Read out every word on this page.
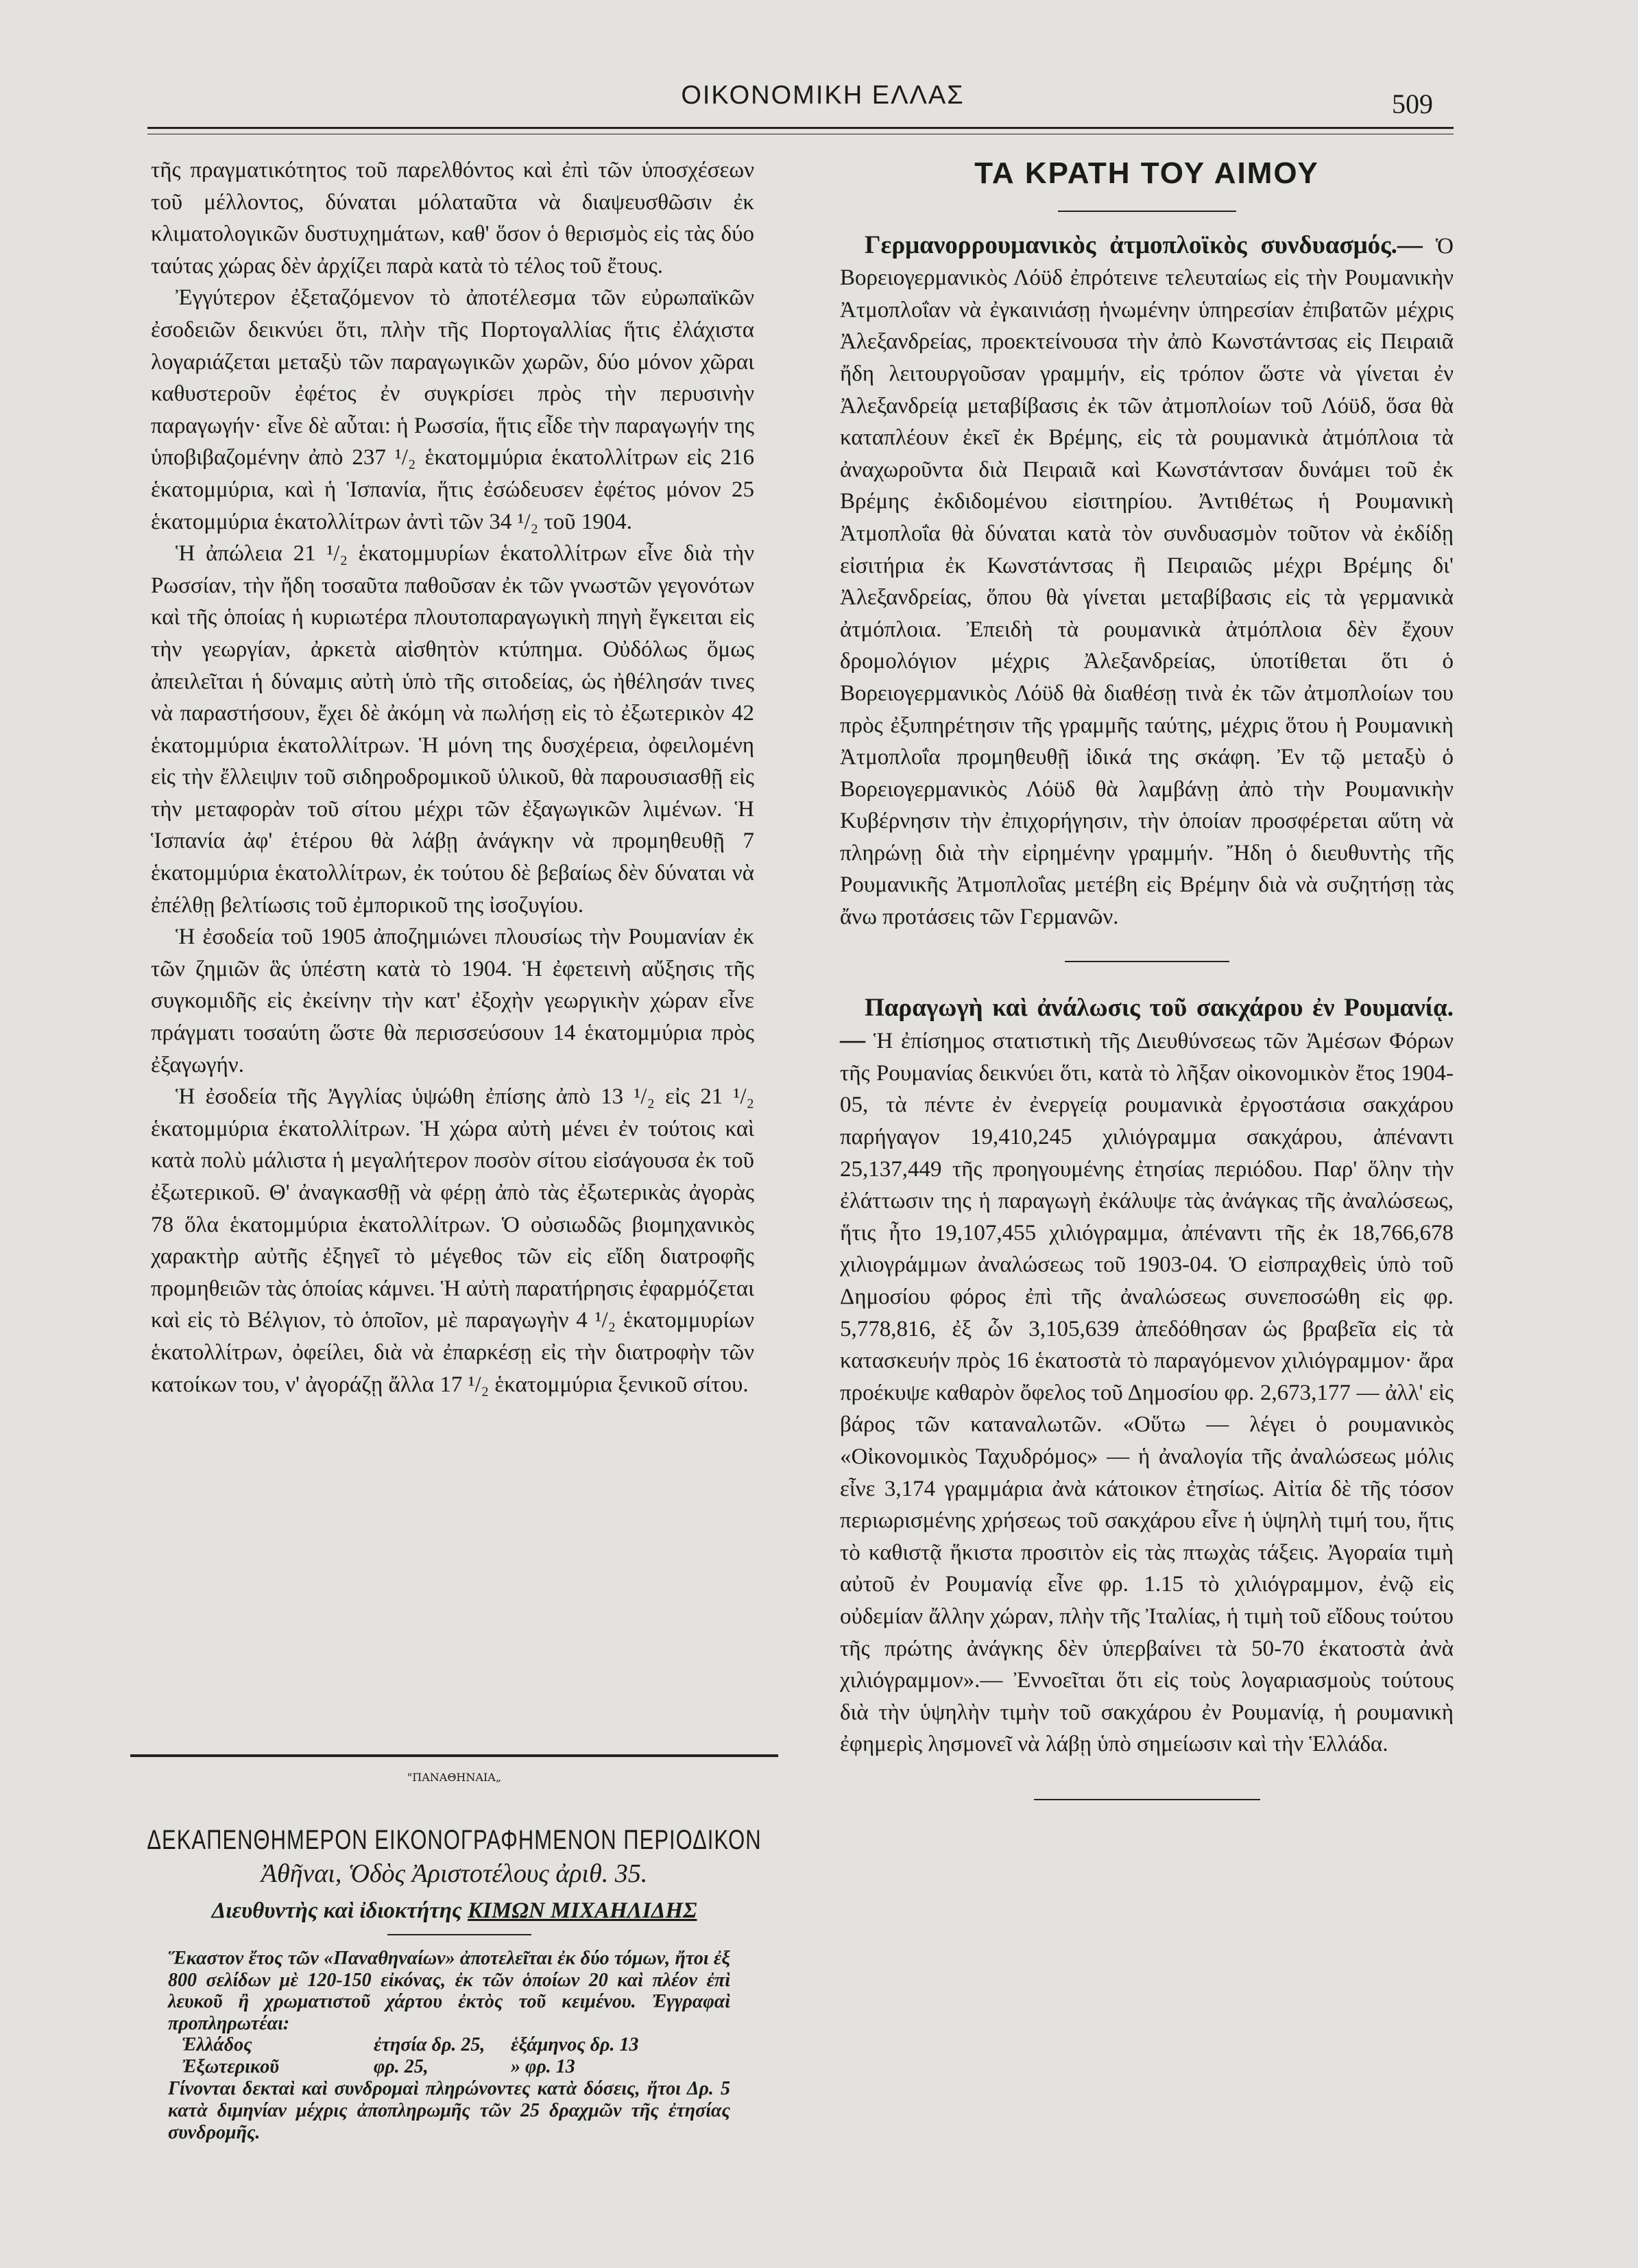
ΟΙΚΟΝΟΜΙΚΗ ΕΛΛΑΣ	509

τῆς πραγματικότητος τοῦ παρελθόντος καὶ ἐπὶ τῶν ὑποσχέσεων τοῦ μέλλοντος, δύναται μόλαταῦτα νὰ διαψευσθῶσιν ἐκ κλιματολογικῶν δυστυχημάτων, καθ' ὅσον ὁ θερισμὸς εἰς τὰς δύο ταύτας χώρας δὲν ἀρχίζει παρὰ κατὰ τὸ τέλος τοῦ ἔτους.

Ἐγγύτερον ἐξεταζόμενον τὸ ἀποτέλεσμα τῶν εὐρωπαϊκῶν ἐσοδειῶν δεικνύει ὅτι, πλὴν τῆς Πορτογαλλίας ἥτις ἐλάχιστα λογαριάζεται μεταξὺ τῶν παραγωγικῶν χωρῶν, δύο μόνον χῶραι καθυστεροῦν ἐφέτος ἐν συγκρίσει πρὸς τὴν περυσινὴν παραγωγήν· εἶνε δὲ αὗται: ἡ Ρωσσία, ἥτις εἶδε τὴν παραγωγήν της ὑποβιβαζομένην ἀπὸ 237 ¹/₂ ἑκατομμύρια ἑκατολλίτρων εἰς 216 ἑκατομμύρια, καὶ ἡ Ἱσπανία, ἥτις ἐσώδευσεν ἐφέτος μόνον 25 ἑκατομμύρια ἑκατολλίτρων ἀντὶ τῶν 34 ¹/₂ τοῦ 1904.

Ἡ ἀπώλεια 21 ¹/₂ ἑκατομμυρίων ἑκατολλίτρων εἶνε διὰ τὴν Ρωσσίαν, τὴν ἤδη τοσαῦτα παθοῦσαν ἐκ τῶν γνωστῶν γεγονότων καὶ τῆς ὁποίας ἡ κυριωτέρα πλουτοπαραγωγικὴ πηγὴ ἔγκειται εἰς τὴν γεωργίαν, ἀρκετὰ αἰσθητὸν κτύπημα. Οὐδόλως ὅμως ἀπειλεῖται ἡ δύναμις αὐτὴ ὑπὸ τῆς σιτοδείας, ὡς ἠθέλησάν τινες νὰ παραστήσουν, ἔχει δὲ ἀκόμη νὰ πωλήσῃ εἰς τὸ ἐξωτερικὸν 42 ἑκατομμύρια ἑκατολλίτρων. Ἡ μόνη της δυσχέρεια, ὀφειλομένη εἰς τὴν ἔλλειψιν τοῦ σιδηροδρομικοῦ ὑλικοῦ, θὰ παρουσιασθῇ εἰς τὴν μεταφορὰν τοῦ σίτου μέχρι τῶν ἐξαγωγικῶν λιμένων. Ἡ Ἱσπανία ἀφ' ἑτέρου θὰ λάβῃ ἀνάγκην νὰ προμηθευθῇ 7 ἑκατομμύρια ἑκατολλίτρων, ἐκ τούτου δὲ βεβαίως δὲν δύναται νὰ ἐπέλθῃ βελτίωσις τοῦ ἐμπορικοῦ της ἰσοζυγίου.

Ἡ ἐσοδεία τοῦ 1905 ἀποζημιώνει πλουσίως τὴν Ρουμανίαν ἐκ τῶν ζημιῶν ἃς ὑπέστη κατὰ τὸ 1904. Ἡ ἐφετεινὴ αὔξησις τῆς συγκομιδῆς εἰς ἐκείνην τὴν κατ' ἐξοχὴν γεωργικὴν χώραν εἶνε πράγματι τοσαύτη ὥστε θὰ περισσεύσουν 14 ἑκατομμύρια πρὸς ἐξαγωγήν.

Ἡ ἐσοδεία τῆς Ἀγγλίας ὑψώθη ἐπίσης ἀπὸ 13 ¹/₂ εἰς 21 ¹/₂ ἑκατομμύρια ἑκατολλίτρων. Ἡ χώρα αὐτὴ μένει ἐν τούτοις καὶ κατὰ πολὺ μάλιστα ἡ μεγαλήτερον ποσὸν σίτου εἰσάγουσα ἐκ τοῦ ἐξωτερικοῦ. Θ' ἀναγκασθῇ νὰ φέρῃ ἀπὸ τὰς ἐξωτερικὰς ἀγορὰς 78 ὅλα ἑκατομμύρια ἑκατολλίτρων. Ὁ οὐσιωδῶς βιομηχανικὸς χαρακτὴρ αὐτῆς ἐξηγεῖ τὸ μέγεθος τῶν εἰς εἴδη διατροφῆς προμηθειῶν τὰς ὁποίας κάμνει. Ἡ αὐτὴ παρατήρησις ἐφαρμόζεται καὶ εἰς τὸ Βέλγιον, τὸ ὁποῖον, μὲ παραγωγὴν 4 ¹/₂ ἑκατομμυρίων ἑκατολλίτρων, ὀφείλει, διὰ νὰ ἐπαρκέσῃ εἰς τὴν διατροφὴν τῶν κατοίκων του, ν' ἀγοράζῃ ἄλλα 17 ¹/₂ ἑκατομμύρια ξενικοῦ σίτου.

"ΠΑΝΑΘΗΝΑΙΑ„
ΔΕΚΑΠΕΝΘΗΜΕΡΟΝ ΕΙΚΟΝΟΓΡΑΦΗΜΕΝΟΝ ΠΕΡΙΟΔΙΚΟΝ
Ἀθῆναι, Ὁδὸς Ἀριστοτέλους ἀριθ. 35.
Διευθυντὴς καὶ ἰδιοκτήτης ΚΙΜΩΝ ΜΙΧΑΗΛΙΔΗΣ

Ἕκαστον ἔτος τῶν «Παναθηναίων» ἀποτελεῖται ἐκ δύο τόμων, ἤτοι ἐξ 800 σελίδων μὲ 120-150 εἰκόνας, ἐκ τῶν ὁποίων 20 καὶ πλέον ἐπὶ λευκοῦ ἢ χρωματιστοῦ χάρτου ἐκτὸς τοῦ κειμένου. Ἐγγραφαὶ προπληρωτέαι:

Ἑλλάδος	ἐτησία δρ. 25, ἑξάμηνος δρ. 13
Ἐξωτερικοῦ	φρ. 25,	» φρ. 13

Γίνονται δεκταὶ καὶ συνδρομαὶ πληρώνοντες κατὰ δόσεις, ἤτοι Δρ. 5 κατὰ διμηνίαν μέχρις ἀποπληρωμῆς τῶν 25 δραχμῶν τῆς ἐτησίας συνδρομῆς.

ΤΑ ΚΡΑΤΗ ΤΟΥ ΑΙΜΟΥ

Γερμανορρουμανικὸς ἀτμοπλοϊκὸς συνδυασμός.— Ὁ Βορειογερμανικὸς Λόϋδ ἐπρότεινε τελευταίως εἰς τὴν Ρουμανικὴν Ἀτμοπλοΐαν νὰ ἐγκαινιάσῃ ἡνωμένην ὑπηρεσίαν ἐπιβατῶν μέχρις Ἀλεξανδρείας, προεκτείνουσα τὴν ἀπὸ Κωνστάντσας εἰς Πειραιᾶ ἤδη λειτουργοῦσαν γραμμήν, εἰς τρόπον ὥστε νὰ γίνεται ἐν Ἀλεξανδρείᾳ μεταβίβασις ἐκ τῶν ἀτμοπλοίων τοῦ Λόϋδ, ὅσα θὰ καταπλέουν ἐκεῖ ἐκ Βρέμης, εἰς τὰ ρουμανικὰ ἀτμόπλοια τὰ ἀναχωροῦντα διὰ Πειραιᾶ καὶ Κωνστάντσαν δυνάμει τοῦ ἐκ Βρέμης ἐκδιδομένου εἰσιτηρίου. Ἀντιθέτως ἡ Ρουμανικὴ Ἀτμοπλοΐα θὰ δύναται κατὰ τὸν συνδυασμὸν τοῦτον νὰ ἐκδίδῃ εἰσιτήρια ἐκ Κωνστάντσας ἢ Πειραιῶς μέχρι Βρέμης δι' Ἀλεξανδρείας, ὅπου θὰ γίνεται μεταβίβασις εἰς τὰ γερμανικὰ ἀτμόπλοια. Ἐπειδὴ τὰ ρουμανικὰ ἀτμόπλοια δὲν ἔχουν δρομολόγιον μέχρις Ἀλεξανδρείας, ὑποτίθεται ὅτι ὁ Βορειογερμανικὸς Λόϋδ θὰ διαθέσῃ τινὰ ἐκ τῶν ἀτμοπλοίων του πρὸς ἐξυπηρέτησιν τῆς γραμμῆς ταύτης, μέχρις ὅτου ἡ Ρουμανικὴ Ἀτμοπλοΐα προμηθευθῇ ἰδικά της σκάφη. Ἐν τῷ μεταξὺ ὁ Βορειογερμανικὸς Λόϋδ θὰ λαμβάνῃ ἀπὸ τὴν Ρουμανικὴν Κυβέρνησιν τὴν ἐπιχορήγησιν, τὴν ὁποίαν προσφέρεται αὕτη νὰ πληρώνῃ διὰ τὴν εἰρημένην γραμμήν. Ἤδη ὁ διευθυντὴς τῆς Ρουμανικῆς Ἀτμοπλοΐας μετέβη εἰς Βρέμην διὰ νὰ συζητήσῃ τὰς ἄνω προτάσεις τῶν Γερμανῶν.

Παραγωγὴ καὶ ἀνάλωσις τοῦ σακχάρου ἐν Ρουμανίᾳ.— Ἡ ἐπίσημος στατιστικὴ τῆς Διευθύνσεως τῶν Ἀμέσων Φόρων τῆς Ρουμανίας δεικνύει ὅτι, κατὰ τὸ λῆξαν οἰκονομικὸν ἔτος 1904-05, τὰ πέντε ἐν ἐνεργείᾳ ρουμανικὰ ἐργοστάσια σακχάρου παρήγαγον 19,410,245 χιλιόγραμμα σακχάρου, ἀπέναντι 25,137,449 τῆς προηγουμένης ἐτησίας περιόδου. Παρ' ὅλην τὴν ἐλάττωσιν της ἡ παραγωγὴ ἐκάλυψε τὰς ἀνάγκας τῆς ἀναλώσεως, ἥτις ἦτο 19,107,455 χιλιόγραμμα, ἀπέναντι τῆς ἐκ 18,766,678 χιλιογράμμων ἀναλώσεως τοῦ 1903-04. Ὁ εἰσπραχθεὶς ὑπὸ τοῦ Δημοσίου φόρος ἐπὶ τῆς ἀναλώσεως συνεποσώθη εἰς φρ. 5,778,816, ἐξ ὧν 3,105,639 ἀπεδόθησαν ὡς βραβεῖα εἰς τὰ κατασκευήν πρὸς 16 ἑκατοστὰ τὸ παραγόμενον χιλιόγραμμον· ἄρα προέκυψε καθαρὸν ὄφελος τοῦ Δημοσίου φρ. 2,673,177 — ἀλλ' εἰς βάρος τῶν καταναλωτῶν. «Οὕτω — λέγει ὁ ρουμανικὸς «Οἰκονομικὸς Ταχυδρόμος» — ἡ ἀναλογία τῆς ἀναλώσεως μόλις εἶνε 3,174 γραμμάρια ἀνὰ κάτοικον ἐτησίως. Αἰτία δὲ τῆς τόσον περιωρισμένης χρήσεως τοῦ σακχάρου εἶνε ἡ ὑψηλὴ τιμή του, ἥτις τὸ καθιστᾷ ἥκιστα προσιτὸν εἰς τὰς πτωχὰς τάξεις. Ἀγοραία τιμὴ αὐτοῦ ἐν Ρουμανίᾳ εἶνε φρ. 1.15 τὸ χιλιόγραμμον, ἐνῷ εἰς οὐδεμίαν ἄλλην χώραν, πλὴν τῆς Ἰταλίας, ἡ τιμὴ τοῦ εἴδους τούτου τῆς πρώτης ἀνάγκης δὲν ὑπερβαίνει τὰ 50-70 ἑκατοστὰ ἀνὰ χιλιόγραμμον».— Ἐννοεῖται ὅτι εἰς τοὺς λογαριασμοὺς τούτους διὰ τὴν ὑψηλὴν τιμὴν τοῦ σακχάρου ἐν Ρουμανίᾳ, ἡ ρουμανικὴ ἐφημερὶς λησμονεῖ νὰ λάβῃ ὑπὸ σημείωσιν καὶ τὴν Ἑλλάδα.
